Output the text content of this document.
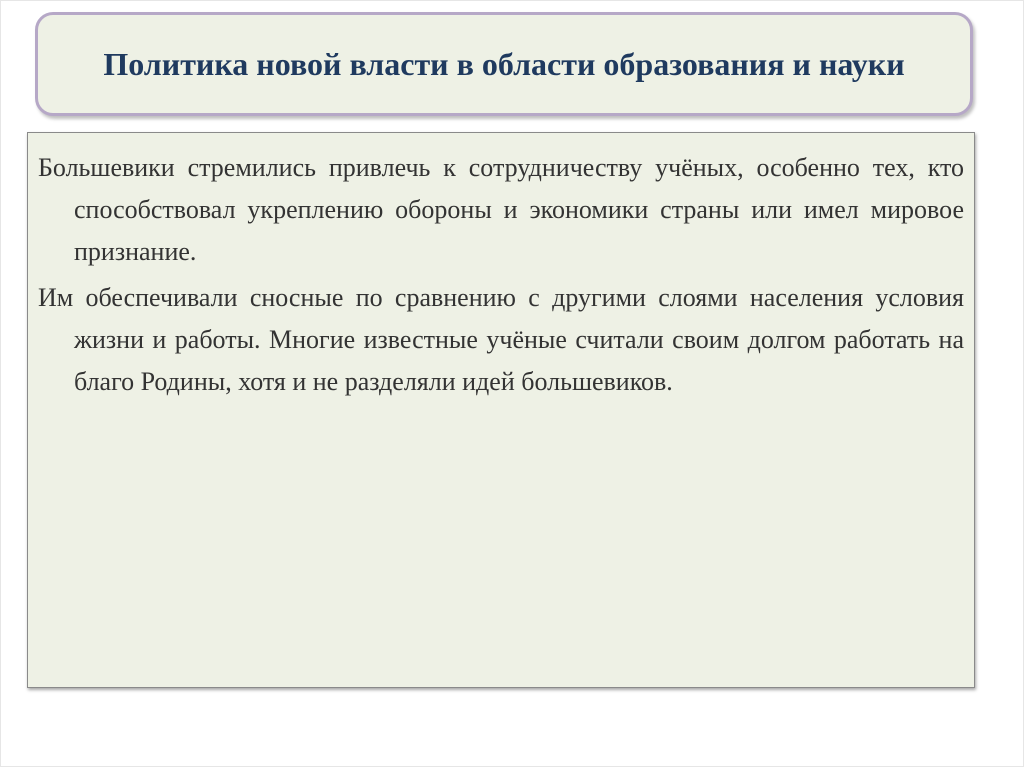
Политика новой власти в области образования и науки

Большевики стремились привлечь к сотрудничеству учёных, особенно тех, кто способствовал укреплению обороны и экономики страны или имел мировое признание.

Им обеспечивали сносные по сравнению с другими слоями населения условия жизни и работы. Многие известные учёные считали своим долгом работать на благо Родины, хотя и не разделяли идей большевиков.
